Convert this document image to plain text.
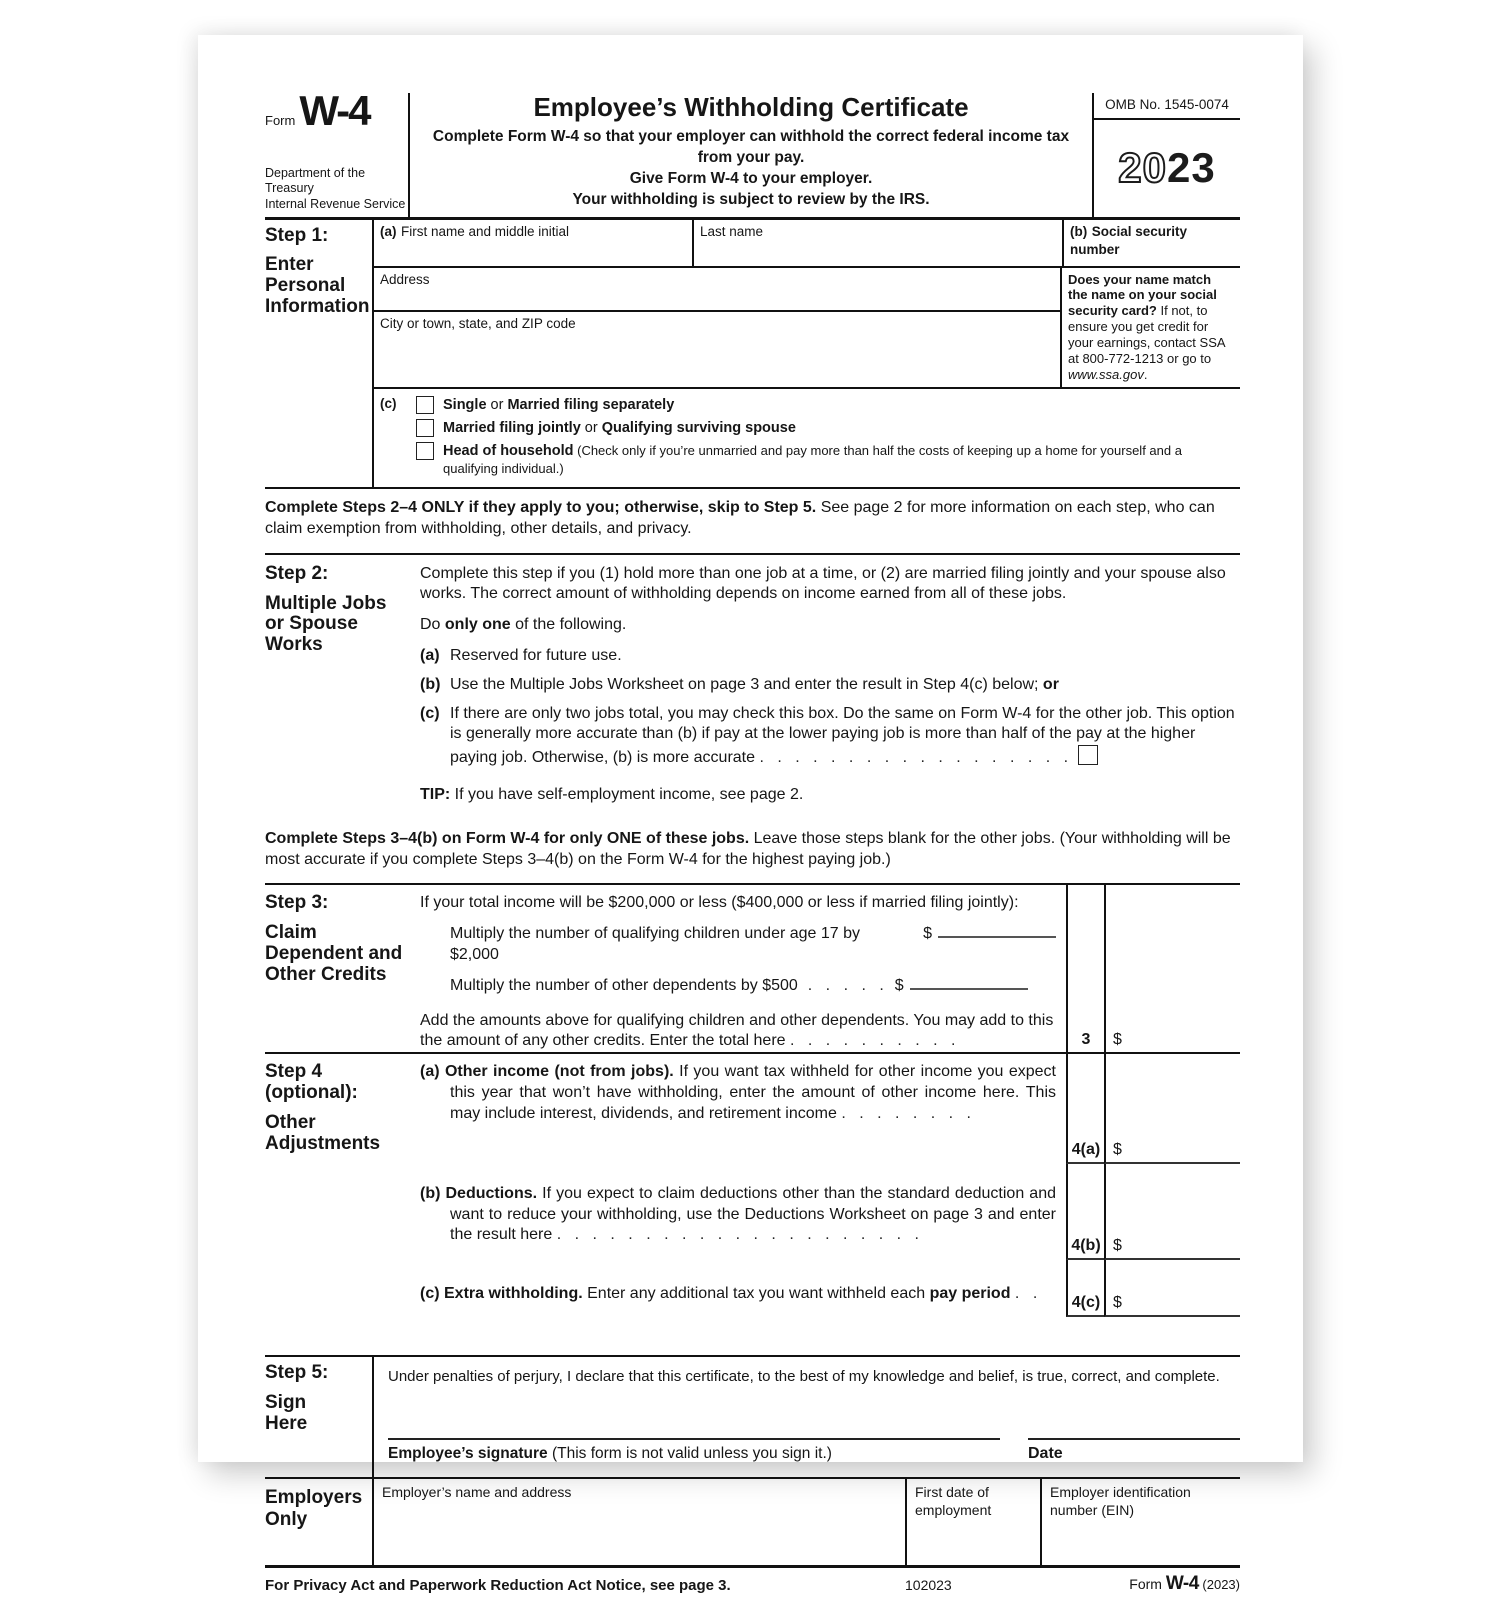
FormW-4

Department of the Treasury

Internal Revenue Service

Employee’s Withholding Certificate

Complete Form W-4 so that your employer can withhold the correct federal income tax from your pay.

Give Form W-4 to your employer.

Your withholding is subject to review by the IRS.

OMB No. 1545-0074
20 23

Step 1:

Enter Personal Information

(a) First name and middle initial	Last name	(b) Social security number
Address
City or town, state, and ZIP code
Does your name match the name on your social security card? If not, to ensure you get credit for your earnings, contact SSA at 800-772-1213 or go to www.ssa.gov.
(c)	Single or Married filing separately
Married filing jointly or Qualifying surviving spouse
Head of household (Check only if you’re unmarried and pay more than half the costs of keeping up a home for yourself and a qualifying individual.)
Complete Steps 2–4 ONLY if they apply to you; otherwise, skip to Step 5. See page 2 for more information on each step, who can claim exemption from withholding, other details, and privacy.

Step 2:

Multiple Jobs or Spouse Works

Complete this step if you (1) hold more than one job at a time, or (2) are married filing jointly and your spouse also works. The correct amount of withholding depends on income earned from all of these jobs.

Do only one of the following.

(a) Reserved for future use.
(b) Use the Multiple Jobs Worksheet on page 3 and enter the result in Step 4(c) below; or
(c) If there are only two jobs total, you may check this box. Do the same on Form W-4 for the other job. This option is generally more accurate than (b) if pay at the lower paying job is more than half of the pay at the higher paying job. Otherwise, (b) is more accurate . . . . . . . . . . . . . . . . . .

TIP: If you have self-employment income, see page 2.

Complete Steps 3–4(b) on Form W-4 for only ONE of these jobs. Leave those steps blank for the other jobs. (Your withholding will be most accurate if you complete Steps 3–4(b) on the Form W-4 for the highest paying job.)

Step 3:

Claim Dependent and Other Credits

If your total income will be $200,000 or less ($400,000 or less if married filing jointly):

Multiply the number of qualifying children under age 17 by $2,000
$
Multiply the number of other dependents by $500 . . . . . $

Add the amounts above for qualifying children and other dependents. You may add to this the amount of any other credits. Enter the total here . . . . . . . . . .	3	$

Step 4 (optional):

Other Adjustments

(a) Other income (not from jobs). If you want tax withheld for other income you expect this year that won’t have withholding, enter the amount of other income here. This may include interest, dividends, and retirement income . . . . . . . .

4(a) $

(b) Deductions. If you expect to claim deductions other than the standard deduction and want to reduce your withholding, use the Deductions Worksheet on page 3 and enter the result here . . . . . . . . . . . . . . . . . . . . .

4(b) $

(c) Extra withholding. Enter any additional tax you want withheld each pay period . .

4(c) $

Step 5:

Sign Here

Under penalties of perjury, I declare that this certificate, to the best of my knowledge and belief, is true, correct, and complete.

Employee’s signature (This form is not valid unless you sign it.)	Date
Employers Only
Employer’s name and address	First date of employment
Employer identification number (EIN)
For Privacy Act and Paperwork Reduction Act Notice, see page 3.	102023	Form W-4 (2023)
